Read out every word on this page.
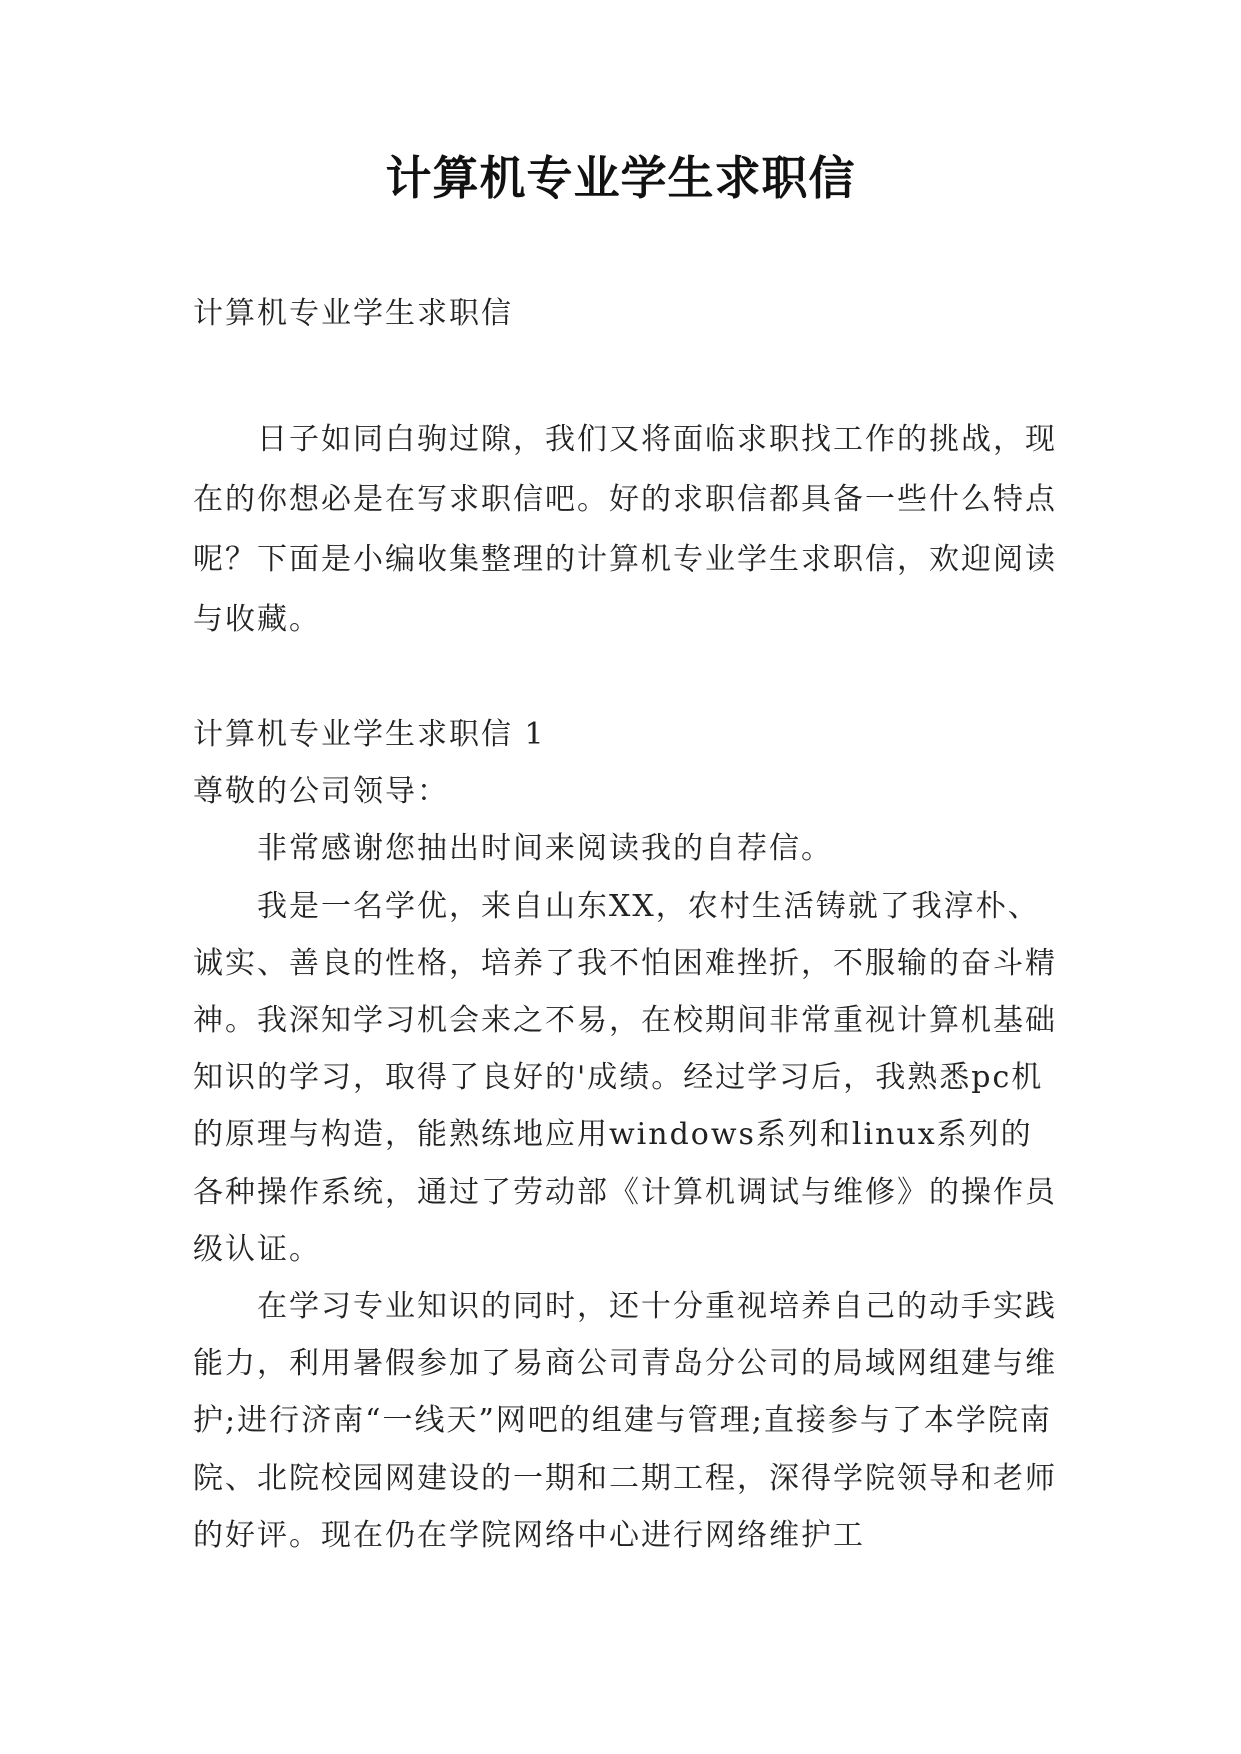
计算机专业学生求职信
计算机专业学生求职信

日子如同白驹过隙，我们又将面临求职找工作的挑战，现在的你想必是在写求职信吧。好的求职信都具备一些什么特点呢？下面是小编收集整理的计算机专业学生求职信，欢迎阅读与收藏。

计算机专业学生求职信 1

尊敬的公司领导：

非常感谢您抽出时间来阅读我的自荐信。

我是一名学优，来自山东XX，农村生活铸就了我淳朴、诚实、善良的性格，培养了我不怕困难挫折，不服输的奋斗精神。我深知学习机会来之不易，在校期间非常重视计算机基础知识的学习，取得了良好的'成绩。经过学习后，我熟悉pc机的原理与构造，能熟练地应用windows系列和linux系列的各种操作系统，通过了劳动部《计算机调试与维修》的操作员级认证。

在学习专业知识的同时，还十分重视培养自己的动手实践能力，利用暑假参加了易商公司青岛分公司的局域网组建与维护;进行济南“一线天”网吧的组建与管理;直接参与了本学院南院、北院校园网建设的一期和二期工程，深得学院领导和老师的好评。现在仍在学院网络中心进行网络维护工
